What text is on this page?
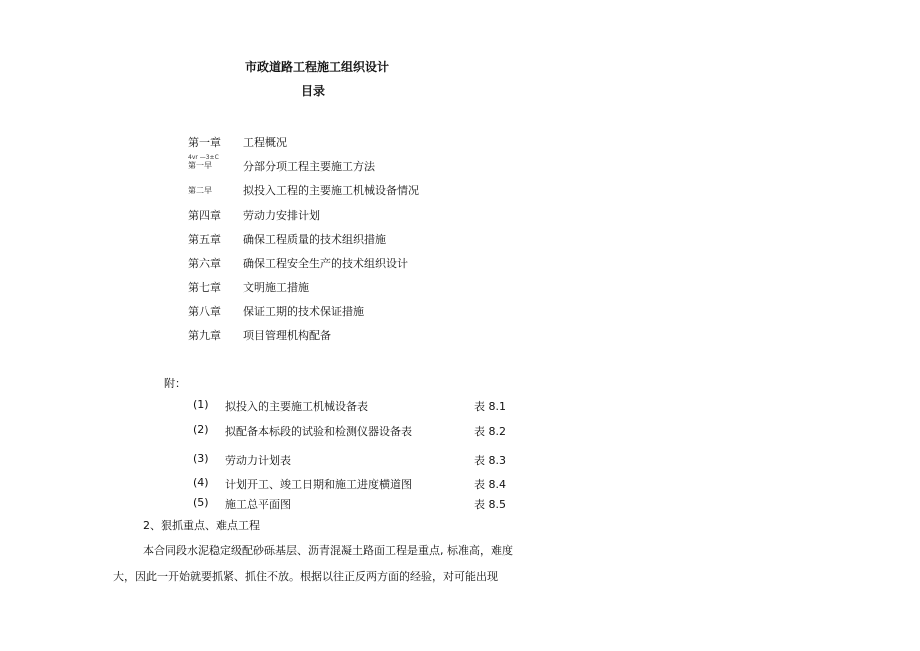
市政道路工程施工组织设计
目录
第一章 工程概况
4vr —3±C
第一早	分部分项工程主要施工方法
第二早	拟投入工程的主要施工机械设备情况
第四章 劳动力安排计划
第五章 确保工程质量的技术组织措施
第六章 确保工程安全生产的技术组织设计
第七章 文明施工措施
第八章 保证工期的技术保证措施
第九章 项目管理机构配备
附：
(1) 拟投入的主要施工机械设备表	表 8.1
(2) 拟配备本标段的试验和检测仪器设备表	表 8.2
(3) 劳动力计划表	表 8.3
(4) 计划开工、竣工日期和施工进度横道图	表 8.4
(5) 施工总平面图	表 8.5
2、狠抓重点、难点工程
本合同段水泥稳定级配砂砾基层、沥青混凝土路面工程是重点, 标准高，难度
大，因此一开始就要抓紧、抓住不放。根据以往正反两方面的经验，对可能出现
